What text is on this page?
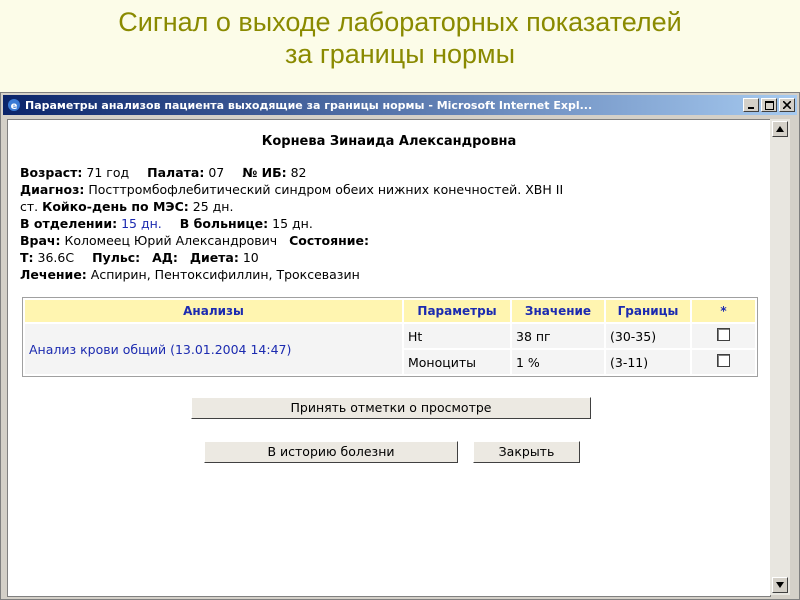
Сигнал о выходе лабораторных показателей
за границы нормы
e Параметры анализов пациента выходящие за границы нормы - Microsoft Internet Expl...
Корнева Зинаида Александровна
Возраст: 71 год Палата: 07 № ИБ: 82
Диагноз: Посттромбофлебитический синдром обеих нижних конечностей. ХВН II
ст. Койко-день по МЭС: 25 дн.
В отделении: 15 дн. В больнице: 15 дн.
Врач: Коломеец Юрий Александрович Состояние:
Т: 36.6С Пульс: АД: Диета: 10
Лечение: Аспирин, Пентоксифиллин, Троксевазин
Анализы	Параметры	Значение	Границы	*
Анализ крови общий (13.01.2004 14:47)	Ht	38 пг	(30-35)	
	Моноциты	1 %	(3-11)	
Принять отметки о просмотре
В историю болезни	Закрыть
